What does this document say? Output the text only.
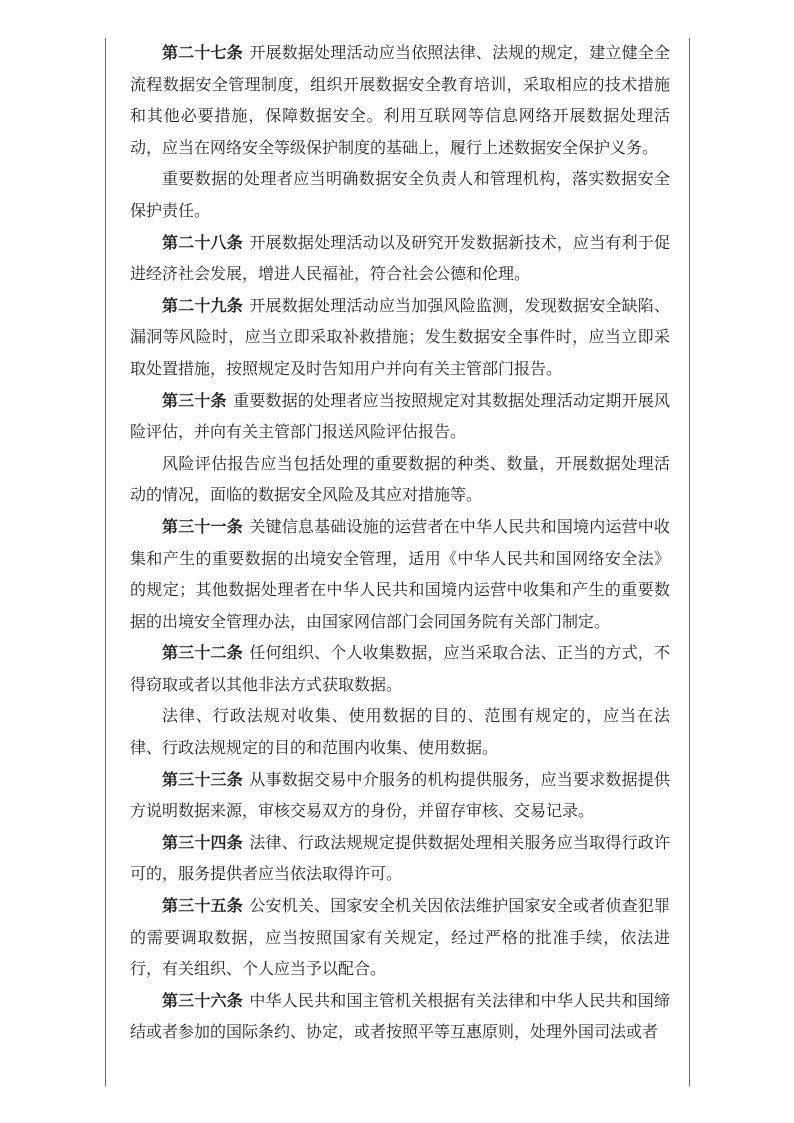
第二十七条 开展数据处理活动应当依照法律、法规的规定，建立健全全流程数据安全管理制度，组织开展数据安全教育培训，采取相应的技术措施和其他必要措施，保障数据安全。利用互联网等信息网络开展数据处理活动，应当在网络安全等级保护制度的基础上，履行上述数据安全保护义务。

重要数据的处理者应当明确数据安全负责人和管理机构，落实数据安全保护责任。

第二十八条 开展数据处理活动以及研究开发数据新技术，应当有利于促进经济社会发展，增进人民福祉，符合社会公德和伦理。

第二十九条 开展数据处理活动应当加强风险监测，发现数据安全缺陷、漏洞等风险时，应当立即采取补救措施；发生数据安全事件时，应当立即采取处置措施，按照规定及时告知用户并向有关主管部门报告。

第三十条 重要数据的处理者应当按照规定对其数据处理活动定期开展风险评估，并向有关主管部门报送风险评估报告。

风险评估报告应当包括处理的重要数据的种类、数量，开展数据处理活动的情况，面临的数据安全风险及其应对措施等。

第三十一条 关键信息基础设施的运营者在中华人民共和国境内运营中收集和产生的重要数据的出境安全管理，适用《中华人民共和国网络安全法》的规定；其他数据处理者在中华人民共和国境内运营中收集和产生的重要数据的出境安全管理办法，由国家网信部门会同国务院有关部门制定。

第三十二条 任何组织、个人收集数据，应当采取合法、正当的方式，不得窃取或者以其他非法方式获取数据。

法律、行政法规对收集、使用数据的目的、范围有规定的，应当在法律、行政法规规定的目的和范围内收集、使用数据。

第三十三条 从事数据交易中介服务的机构提供服务，应当要求数据提供方说明数据来源，审核交易双方的身份，并留存审核、交易记录。

第三十四条 法律、行政法规规定提供数据处理相关服务应当取得行政许可的，服务提供者应当依法取得许可。

第三十五条 公安机关、国家安全机关因依法维护国家安全或者侦查犯罪的需要调取数据，应当按照国家有关规定，经过严格的批准手续，依法进行，有关组织、个人应当予以配合。

第三十六条 中华人民共和国主管机关根据有关法律和中华人民共和国缔结或者参加的国际条约、协定，或者按照平等互惠原则，处理外国司法或者
